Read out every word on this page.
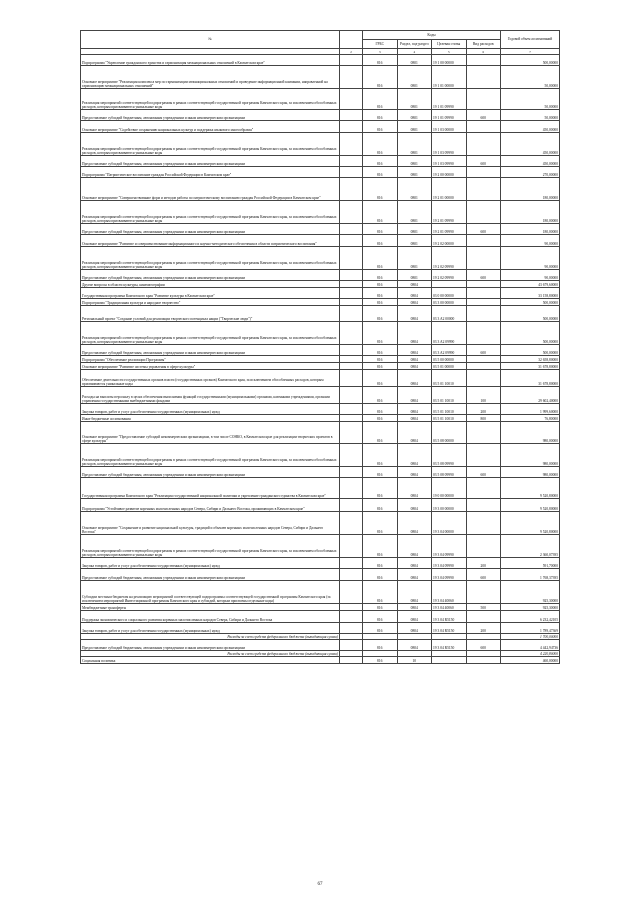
№		Коды				Годовой объем ассигнований
		ГРБС	Раздел, под-раздел	Целевая статья	Вид расходов	
	2	3	4	5	6	7
Подпрограмма "Укрепление гражданского единства и гармонизация межнациональных отношений в Камчатском крае"		816	0801	19 1 00 00000		500,00000
Основное мероприятие "Реализация комплекса мер по гармонизации межнациональных отношений и проведение информационной кампании, направленной на гармонизацию межнациональных отношений"		816	0801	19 1 01 00000		50,00000
Реализация мероприятий соответствующей подпрограммы в рамках соответствующей государственной программы Камчатского края, за исключением обособленных расходов, которым присваиваются уникальные коды		816	0801	19 1 01 09990		50,00000
Предоставление субсидий бюджетным, автономным учреждениям и иным некоммерческим организациям		816	0801	19 1 01 09990	600	50,00000
Основное мероприятие "Содействие сохранению национальных культур и поддержка языкового многообразия"		816	0801	19 1 03 00000		450,00000
Реализация мероприятий соответствующей подпрограммы в рамках соответствующей государственной программы Камчатского края, за исключением обособленных расходов, которым присваиваются уникальные коды		816	0801	19 1 03 09990		450,00000
Предоставление субсидий бюджетным, автономным учреждениям и иным некоммерческим организациям		816	0801	19 1 03 09990	600	450,00000
Подпрограмма "Патриотическое воспитание граждан Российской Федерации в Камчатском крае"		816	0801	19 2 00 00000		270,00000
Основное мероприятие "Совершенствование форм и методов работы по патриотическому воспитанию граждан Российской Федерации в Камчатском крае"		816	0801	19 2 01 00000		180,00000
Реализация мероприятий соответствующей подпрограммы в рамках соответствующей государственной программы Камчатского края, за исключением обособленных расходов, которым присваиваются уникальные коды		816	0801	19 2 01 09990		180,00000
Предоставление субсидий бюджетным, автономным учреждениям и иным некоммерческим организациям		816	0801	19 2 01 09990	600	180,00000
Основное мероприятие "Развитие и совершенствование информационного и научно-методического обеспечения в области патриотического воспитания"		816	0801	19 2 02 00000		90,00000
Реализация мероприятий соответствующей подпрограммы в рамках соответствующей государственной программы Камчатского края, за исключением обособленных расходов, которым присваиваются уникальные коды		816	0801	19 2 02 09990		90,00000
Предоставление субсидий бюджетным, автономным учреждениям и иным некоммерческим организациям		816	0801	19 2 02 09990	600	90,00000
Другие вопросы в области культуры, кинематографии		816	0804			43 679,60000
Государственная программа Камчатского края "Развитие культуры в Камчатском крае"		816	0804	03 0 00 00000		33 158,80000
Подпрограмма "Традиционная культура и народное творчество"		816	0804	03 3 00 00000		500,00000
Региональный проект "Создание условий для реализации творческого потенциала нации ("Творческие люди")"		816	0804	03 3 A2 00000		500,00000
Реализация мероприятий соответствующей подпрограммы в рамках соответствующей государственной программы Камчатского края, за исключением обособленных расходов, которым присваиваются уникальные коды		816	0804	03 3 A2 09990		500,00000
Предоставление субсидий бюджетным, автономным учреждениям и иным некоммерческим организациям		816	0804	03 3 A2 09990	600	500,00000
Подпрограмма "Обеспечение реализации Программы"		816	0804	03 5 00 00000		32 658,80000
Основное мероприятие "Развитие системы управления в сфере культуры"		816	0804	03 5 01 00000		31 678,80000
Обеспечение деятельности государственных органов власти (государственных органов) Камчатского края, за исключением обособленных расходов, которым присваиваются уникальные коды		816	0804	03 5 01 10010		31 678,80000
Расходы на выплаты персоналу в целях обеспечения выполнения функций государственными (муниципальными) органами, казенными учреждениями, органами управления государственными внебюджетными фондами		816	0804	03 5 01 10010	100	29 602,40000
Закупка товаров, работ и услуг для обеспечения государственных (муниципальных) нужд		816	0804	03 5 01 10010	200	1 999,60000
Иные бюджетные ассигнования		816	0804	03 5 01 10010	800	76,80000
Основное мероприятие "Предоставление субсидий некоммерческим организациям, в том числе СОНКО, в Камчатском крае для реализации творческих проектов в сфере культуры"		816	0804	03 5 08 00000		980,00000
Реализация мероприятий соответствующей подпрограммы в рамках соответствующей государственной программы Камчатского края, за исключением обособленных расходов, которым присваиваются уникальные коды		816	0804	03 5 08 09990		980,00000
Предоставление субсидий бюджетным, автономным учреждениям и иным некоммерческим организациям		816	0804	03 5 08 09990	600	980,00000
Государственная программа Камчатского края "Реализация государственной национальной политики и укрепление гражданского единства в Камчатском крае"		816	0804	19 0 00 00000		9 520,80000
Подпрограмма "Устойчивое развитие коренных малочисленных народов Севера, Сибири и Дальнего Востока, проживающих в Камчатском крае"		816	0804	19 3 00 00000		9 520,80000
Основное мероприятие "Сохранение и развитие национальной культуры, традиций и обычаев коренных малочисленных народов Севера, Сибири и Дальнего Востока"		816	0804	19 3 04 00000		9 520,80000
Реализация мероприятий соответствующей подпрограммы в рамках соответствующей государственной программы Камчатского края, за исключением обособленных расходов, которым присваиваются уникальные коды		816	0804	19 3 04 09990		2 360,07395
Закупка товаров, работ и услуг для обеспечения государственных (муниципальных) нужд		816	0804	19 3 04 09990	200	591,70000
Предоставление субсидий бюджетным, автономным учреждениям и иным некоммерческим организациям		816	0804	19 3 04 09990	600	1 768,37395
Субсидии местным бюджетам на реализацию мероприятий соответствующей подпрограммы соответствующей государственной программы Камчатского края (за исключением мероприятий Инвестиционной программы Камчатского края и субсидий, которым присвоены отдельные коды)		816	0804	19 3 04 40060		925,30000
Межбюджетные трансферты		816	0804	19 3 04 40060	500	925,30000
Поддержка экономического и социального развития коренных малочисленных народов Севера, Сибири и Дальнего Востока		816	0804	19 3 04 R5150		6 232,42105
Закупка товаров, работ и услуг для обеспечения государственных (муниципальных) нужд		816	0804	19 3 04 R5150	200	1 789,47369
Расходы за счет средств федерального бюджета (выпадающая сумма)						1 700,00000
Предоставление субсидий бюджетным, автономным учреждениям и иным некоммерческим организациям		816	0804	19 3 04 R5150	600	4 442,94736
Расходы за счет средств федерального бюджета (выпадающая сумма)						4 220,80000
Социальная политика		816	10			460,00000
67
